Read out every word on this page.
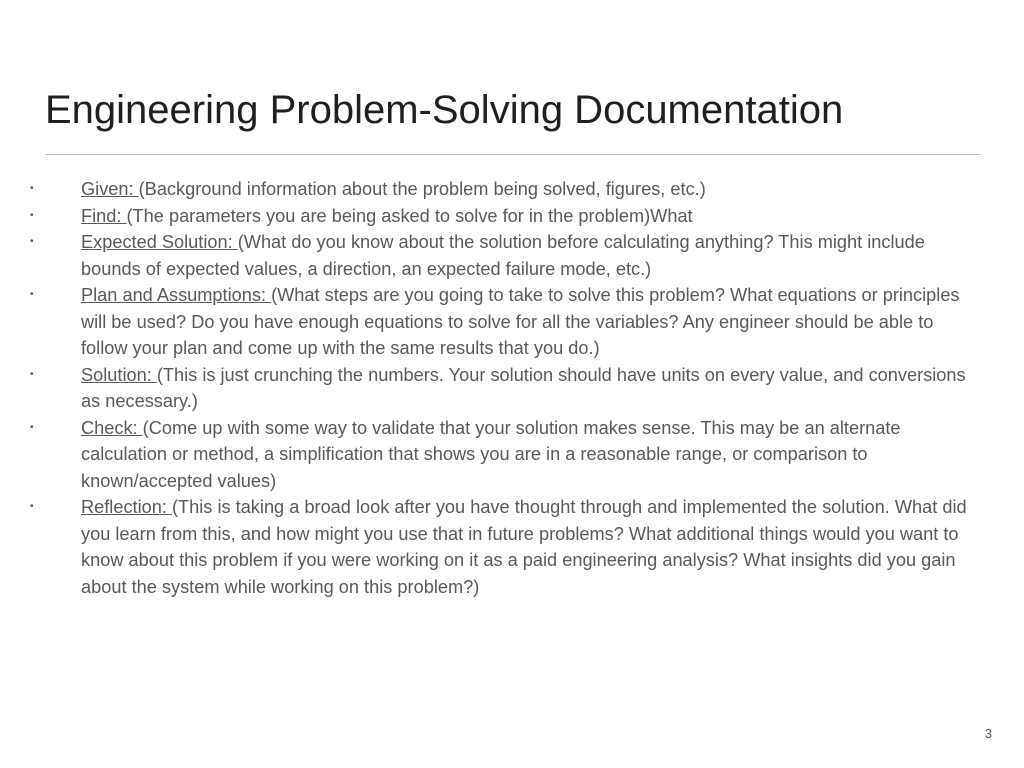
Engineering Problem-Solving Documentation
•	Given: (Background information about the problem being solved, figures, etc.)
•	Find: (The parameters you are being asked to solve for in the problem)What
•	Expected Solution: (What do you know about the solution before calculating anything? This might include bounds of expected values, a direction, an expected failure mode, etc.)
•	Plan and Assumptions: (What steps are you going to take to solve this problem? What equations or principles will be used? Do you have enough equations to solve for all the variables? Any engineer should be able to follow your plan and come up with the same results that you do.)
•	Solution: (This is just crunching the numbers. Your solution should have units on every value, and conversions as necessary.)
•	Check: (Come up with some way to validate that your solution makes sense. This may be an alternate calculation or method, a simplification that shows you are in a reasonable range, or comparison to known/accepted values)
•	Reflection: (This is taking a broad look after you have thought through and implemented the solution. What did you learn from this, and how might you use that in future problems? What additional things would you want to know about this problem if you were working on it as a paid engineering analysis? What insights did you gain about the system while working on this problem?)
3
